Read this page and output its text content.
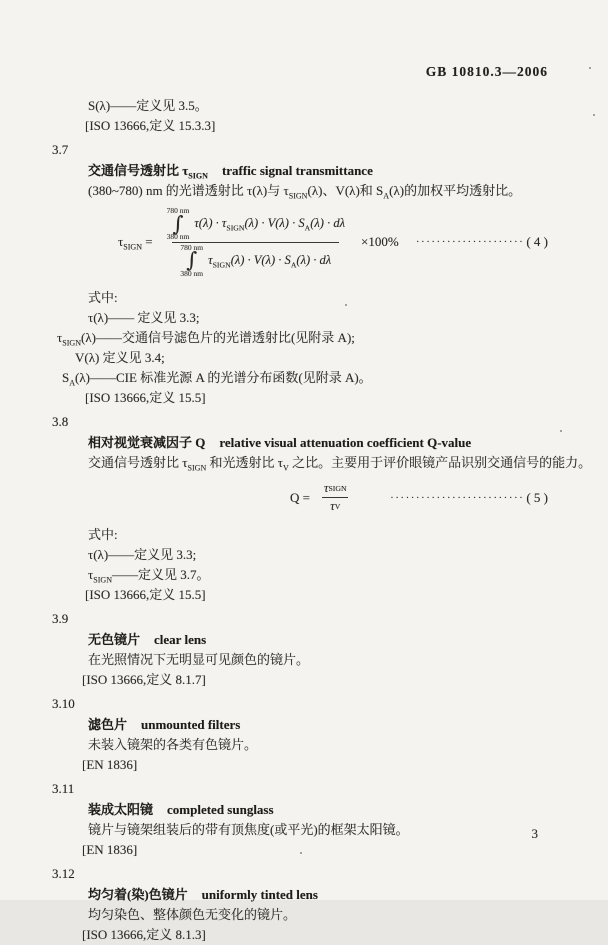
GB 10810.3—2006
S(λ)——定义见 3.5。
[ISO 13666,定义 15.3.3]
3.7
交通信号透射比 $\tau_{SIGN}$ traffic signal transmittance
(380~780) nm 的光谱透射比 τ(λ)与 $\tau_{SIGN}(\lambda)$、V(λ)和 $S_A(\lambda)$的加权平均透射比。
$\tau_{SIGN}$ =
780 nm
∫
380 nm
$\tau(\lambda) \cdot \tau_{SIGN}(\lambda) \cdot V(\lambda) \cdot S_A(\lambda) \cdot d\lambda$
780 nm
∫
380 nm
$\tau_{SIGN}(\lambda) \cdot V(\lambda) \cdot S_A(\lambda) \cdot d\lambda$
×100%	····················· ( 4 )
式中:
τ(λ)—— 定义见 3.3;
$\tau_{SIGN}(\lambda)——$交通信号滤色片的光谱透射比(见附录 A);
V(λ) 定义见 3.4;
$S_A(\lambda)——CIE$ 标准光源 A 的光谱分布函数(见附录 A)。
[ISO 13666,定义 15.5]
3.8
相对视觉衰减因子 Q relative visual attenuation coefficient Q-value
交通信号透射比 $\tau_{SIGN}$ 和光透射比 $\tau_V$ 之比。主要用于评价眼镜产品识别交通信号的能力。
$Q = \frac{\text{τ SIGN}}{\text{τ V}}$	·························· ( 5 )
式中:
τ(λ)——定义见 3.3;
$\tau_{SIGN}——$定义见 3.7。
[ISO 13666,定义 15.5]
3.9
无色镜片 clear lens
在光照情况下无明显可见颜色的镜片。
[ISO 13666,定义 8.1.7]
3.10
滤色片 unmounted filters
未装入镜架的各类有色镜片。
[EN 1836]
3.11
装成太阳镜 completed sunglass
镜片与镜架组装后的带有顶焦度(或平光)的框架太阳镜。
[EN 1836]
3.12
均匀着(染)色镜片 uniformly tinted lens
均匀染色、整体颜色无变化的镜片。
[ISO 13666,定义 8.1.3]
3
